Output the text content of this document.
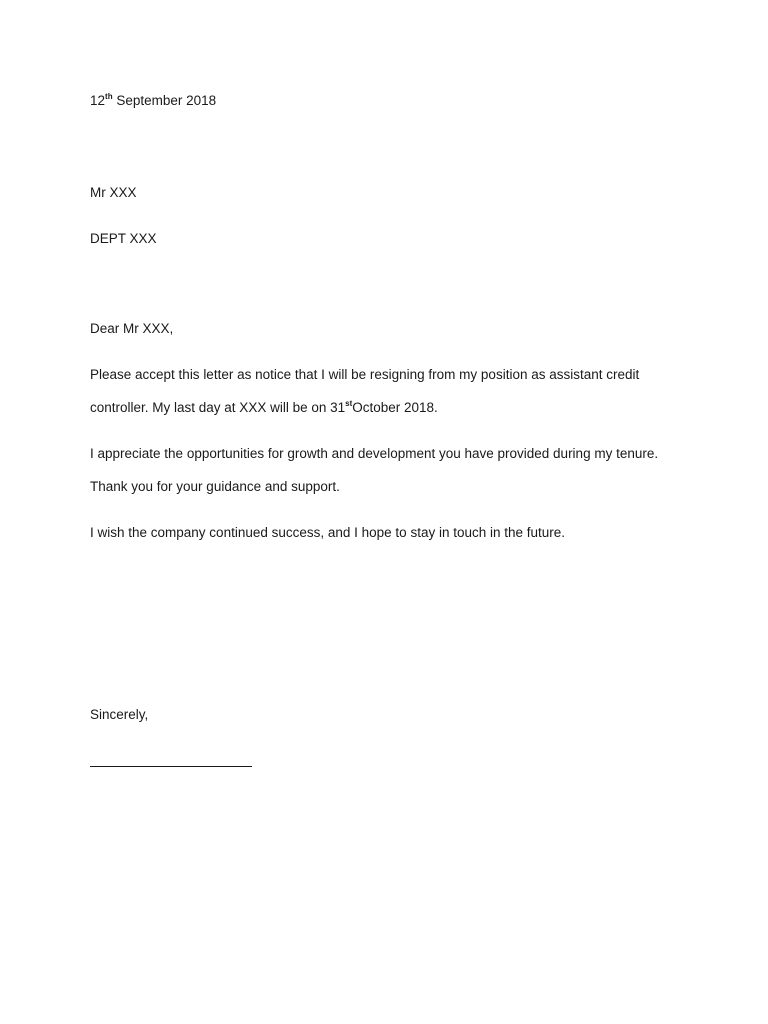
12th September 2018
Mr XXX
DEPT XXX
Dear Mr XXX,
Please accept this letter as notice that I will be resigning from my position as assistant credit
controller. My last day at XXX will be on 31stOctober 2018.
I appreciate the opportunities for growth and development you have provided during my tenure.
Thank you for your guidance and support.
I wish the company continued success, and I hope to stay in touch in the future.
Sincerely,
